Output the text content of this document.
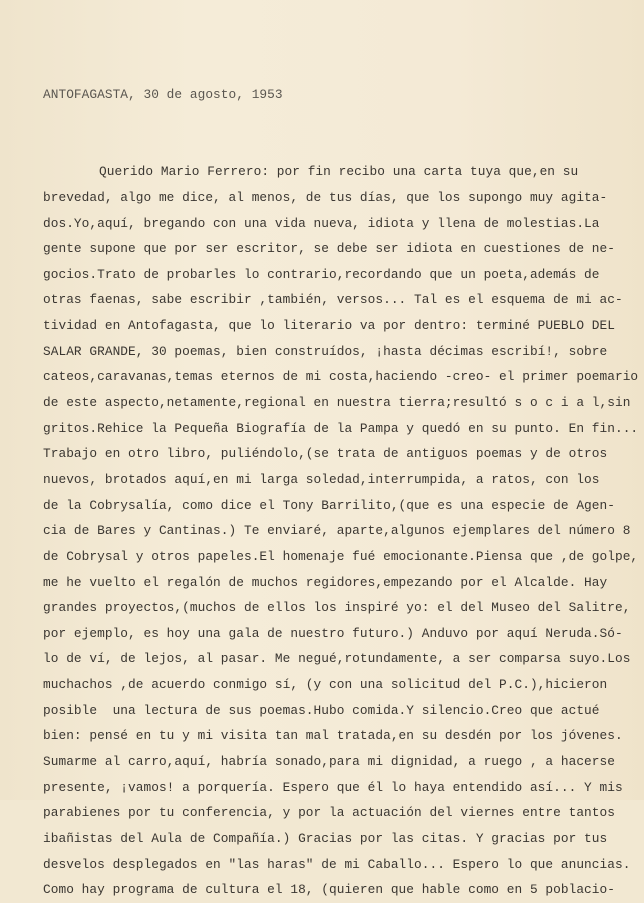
ANTOFAGASTA, 30 de agosto, 1953

Querido Mario Ferrero: por fin recibo una carta tuya que,en su
brevedad, algo me dice, al menos, de tus días, que los supongo muy agita-
dos.Yo,aquí, bregando con una vida nueva, idiota y llena de molestias.La
gente supone que por ser escritor, se debe ser idiota en cuestiones de ne-
gocios.Trato de probarles lo contrario,recordando que un poeta,además de
otras faenas, sabe escribir ,también, versos... Tal es el esquema de mi ac-
tividad en Antofagasta, que lo literario va por dentro: terminé PUEBLO DEL
SALAR GRANDE, 30 poemas, bien construídos, ¡hasta décimas escribí!, sobre
cateos,caravanas,temas eternos de mi costa,haciendo -creo- el primer poemario
de este aspecto,netamente,regional en nuestra tierra;resultó s o c i a l,sin
gritos.Rehice la Pequeña Biografía de la Pampa y quedó en su punto. En fin...
Trabajo en otro libro, puliéndolo,(se trata de antiguos poemas y de otros
nuevos, brotados aquí,en mi larga soledad,interrumpida, a ratos, con los
de la Cobrysalía, como dice el Tony Barrilito,(que es una especie de Agen-
cia de Bares y Cantinas.) Te enviaré, aparte,algunos ejemplares del número 8
de Cobrysal y otros papeles.El homenaje fué emocionante.Piensa que ,de golpe,
me he vuelto el regalón de muchos regidores,empezando por el Alcalde. Hay
grandes proyectos,(muchos de ellos los inspiré yo: el del Museo del Salitre,
por ejemplo, es hoy una gala de nuestro futuro.) Anduvo por aquí Neruda.Só-
lo de ví, de lejos, al pasar. Me negué,rotundamente, a ser comparsa suyo.Los
muchachos ,de acuerdo conmigo sí, (y con una solicitud del P.C.),hicieron
posible  una lectura de sus poemas.Hubo comida.Y silencio.Creo que actué
bien: pensé en tu y mi visita tan mal tratada,en su desdén por los jóvenes.
Sumarme al carro,aquí, habría sonado,para mi dignidad, a ruego , a hacerse
presente, ¡vamos! a porquería. Espero que él lo haya entendido así... Y mis
parabienes por tu conferencia, y por la actuación del viernes entre tantos
ibañistas del Aula de Compañía.) Gracias por las citas. Y gracias por tus
desvelos desplegados en "las haras" de mi Caballo... Espero lo que anuncias.
Como hay programa de cultura el 18, (quieren que hable como en 5 poblacio-
